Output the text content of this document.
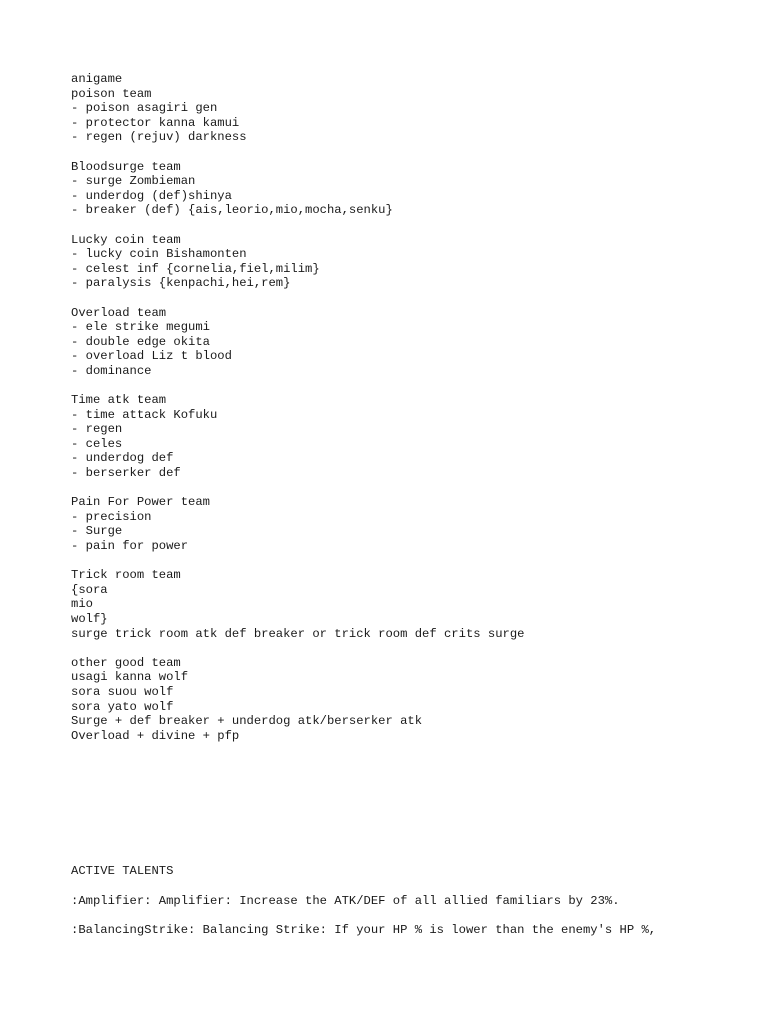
anigame
poison team
- poison asagiri gen
- protector kanna kamui
- regen (rejuv) darkness
Bloodsurge team
- surge Zombieman
- underdog (def)shinya
- breaker (def) {ais,leorio,mio,mocha,senku}
Lucky coin team
- lucky coin Bishamonten
- celest inf {cornelia,fiel,milim}
- paralysis {kenpachi,hei,rem}
Overload team
- ele strike megumi
- double edge okita
- overload Liz t blood
- dominance
Time atk team
- time attack Kofuku
- regen
- celes
- underdog def
- berserker def
Pain For Power team
- precision
- Surge
- pain for power
Trick room team
{sora
mio
wolf}
surge trick room atk def breaker or trick room def crits surge
other good team
usagi kanna wolf
sora suou wolf
sora yato wolf
Surge + def breaker + underdog atk/berserker atk
Overload + divine + pfp
ACTIVE TALENTS
:Amplifier: Amplifier: Increase the ATK/DEF of all allied familiars by 23%.
:BalancingStrike: Balancing Strike: If your HP % is lower than the enemy's HP %,
